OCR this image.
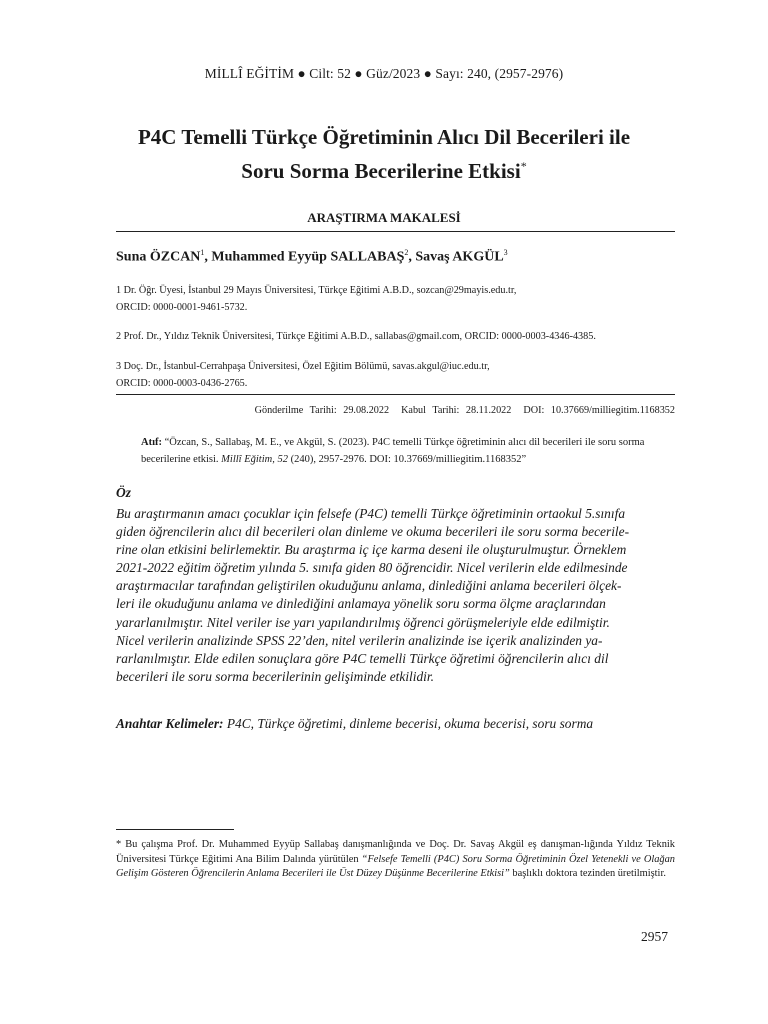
MİLLÎ EĞİTİM ● Cilt: 52 ● Güz/2023 ● Sayı: 240, (2957-2976)
P4C Temelli Türkçe Öğretiminin Alıcı Dil Becerileri ile
Soru Sorma Becerilerine Etkisi*
ARAŞTIRMA MAKALESİ
Suna ÖZCAN$^1$, Muhammed Eyyüp SALLABAŞ$^2$, Savaş AKGÜL$^3$
1 Dr. Öğr. Üyesi, İstanbul 29 Mayıs Üniversitesi, Türkçe Eğitimi A.B.D., sozcan@29mayis.edu.tr,
ORCID: 0000-0001-9461-5732.
2 Prof. Dr., Yıldız Teknik Üniversitesi, Türkçe Eğitimi A.B.D., sallabas@gmail.com, ORCID: 0000-0003-4346-4385.
3 Doç. Dr., İstanbul-Cerrahpaşa Üniversitesi, Özel Eğitim Bölümü, savas.akgul@iuc.edu.tr,
ORCID: 0000-0003-0436-2765.
Gönderilme Tarihi: 29.08.2022 Kabul Tarihi: 28.11.2022 DOI: 10.37669/milliegitim.1168352
Atıf: “Özcan, S., Sallabaş, M. E., ve Akgül, S. (2023). P4C temelli Türkçe öğretiminin alıcı dil becerileri ile soru sorma becerilerine etkisi. Millî Eğitim, 52 (240), 2957-2976. DOI: 10.37669/milliegitim.1168352”
Öz
Bu araştırmanın amacı çocuklar için felsefe (P4C) temelli Türkçe öğretiminin ortaokul 5.sınıfa
giden öğrencilerin alıcı dil becerileri olan dinleme ve okuma becerileri ile soru sorma becerile-
rine olan etkisini belirlemektir. Bu araştırma iç içe karma deseni ile oluşturulmuştur. Örneklem
2021-2022 eğitim öğretim yılında 5. sınıfa giden 80 öğrencidir. Nicel verilerin elde edilmesinde
araştırmacılar tarafından geliştirilen okuduğunu anlama, dinlediğini anlama becerileri ölçek-
leri ile okuduğunu anlama ve dinlediğini anlamaya yönelik soru sorma ölçme araçlarından
yararlanılmıştır. Nitel veriler ise yarı yapılandırılmış öğrenci görüşmeleriyle elde edilmiştir.
Nicel verilerin analizinde SPSS 22’den, nitel verilerin analizinde ise içerik analizinden ya-
rarlanılmıştır. Elde edilen sonuçlara göre P4C temelli Türkçe öğretimi öğrencilerin alıcı dil
becerileri ile soru sorma becerilerinin gelişiminde etkilidir.
Anahtar Kelimeler: P4C, Türkçe öğretimi, dinleme becerisi, okuma becerisi, soru sorma
* Bu çalışma Prof. Dr. Muhammed Eyyüp Sallabaş danışmanlığında ve Doç. Dr. Savaş Akgül eş danışman-lığında Yıldız Teknik Üniversitesi Türkçe Eğitimi Ana Bilim Dalında yürütülen “Felsefe Temelli (P4C) Soru Sorma Öğretiminin Özel Yetenekli ve Olağan Gelişim Gösteren Öğrencilerin Anlama Becerileri ile Üst Düzey Düşünme Becerilerine Etkisi” başlıklı doktora tezinden üretilmiştir.
2957
